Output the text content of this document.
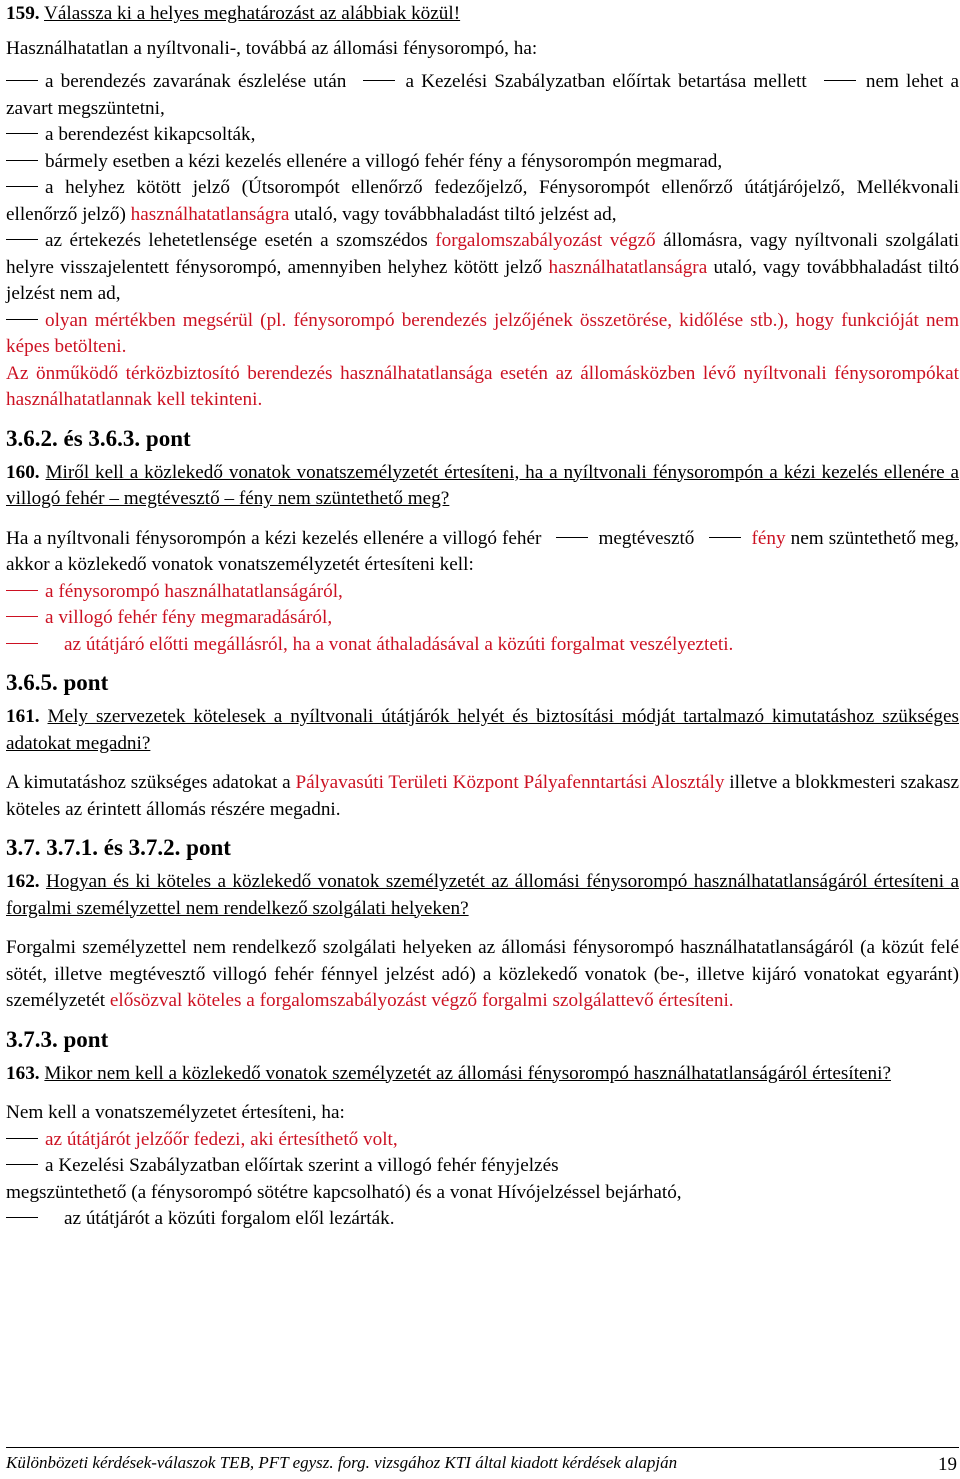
159. Válassza ki a helyes meghatározást az alábbiak közül!

Használhatatlan a nyíltvonali-, továbbá az állomási fénysorompó, ha:

a berendezés zavarának észlelése után	a Kezelési Szabályzatban előírtak betartása mellett	nem lehet a zavart megszüntetni,

a berendezést kikapcsolták,

bármely esetben a kézi kezelés ellenére a villogó fehér fény a fénysorompón megmarad,

a helyhez kötött jelző (Útsorompót ellenőrző fedezőjelző, Fénysorompót ellenőrző útátjárójelző, Mellékvonali ellenőrző jelző) használhatatlanságra utaló, vagy továbbhaladást tiltó jelzést ad,

az értekezés lehetetlensége esetén a szomszédos forgalomszabályozást végző állomásra, vagy nyíltvonali szolgálati helyre visszajelentett fénysorompó, amennyiben helyhez kötött jelző használhatatlanságra utaló, vagy továbbhaladást tiltó jelzést nem ad,

olyan mértékben megsérül (pl. fénysorompó berendezés jelzőjének összetörése, kidőlése stb.), hogy funkcióját nem képes betölteni.

Az önműködő térközbiztosító berendezés használhatatlansága esetén az állomásközben lévő nyíltvonali fénysorompókat használhatatlannak kell tekinteni.

3.6.2. és 3.6.3. pont

160. Miről kell a közlekedő vonatok vonatszemélyzetét értesíteni, ha a nyíltvonali fénysorompón a kézi kezelés ellenére a villogó fehér – megtévesztő – fény nem szüntethető meg?

Ha a nyíltvonali fénysorompón a kézi kezelés ellenére a villogó fehér	megtévesztő	fény nem szüntethető meg, akkor a közlekedő vonatok vonatszemélyzetét értesíteni kell:

a fénysorompó használhatatlanságáról,

a villogó fehér fény megmaradásáról,

az útátjáró előtti megállásról, ha a vonat áthaladásával a közúti forgalmat veszélyezteti.

3.6.5. pont

161. Mely szervezetek kötelesek a nyíltvonali útátjárók helyét és biztosítási módját tartalmazó kimutatáshoz szükséges adatokat megadni?

A kimutatáshoz szükséges adatokat a Pályavasúti Területi Központ Pályafenntartási Alosztály illetve a blokkmesteri szakasz köteles az érintett állomás részére megadni.

3.7. 3.7.1. és 3.7.2. pont

162. Hogyan és ki köteles a közlekedő vonatok személyzetét az állomási fénysorompó használhatatlanságáról értesíteni a forgalmi személyzettel nem rendelkező szolgálati helyeken?

Forgalmi személyzettel nem rendelkező szolgálati helyeken az állomási fénysorompó használhatatlanságáról (a közút felé sötét, illetve megtévesztő villogó fehér fénnyel jelzést adó) a közlekedő vonatok (be-, illetve kijáró vonatokat egyaránt) személyzetét elősözval köteles a forgalomszabályozást végző forgalmi szolgálattevő értesíteni.

3.7.3. pont

163. Mikor nem kell a közlekedő vonatok személyzetét az állomási fénysorompó használhatatlanságáról értesíteni?

Nem kell a vonatszemélyzetet értesíteni, ha:

az útátjárót jelzőőr fedezi, aki értesíthető volt,

a Kezelési Szabályzatban előírtak szerint a villogó fehér fényjelzés

megszüntethető (a fénysorompó sötétre kapcsolható) és a vonat Hívójelzéssel bejárható,

az útátjárót a közúti forgalom elől lezárták.

Különbözeti kérdések-válaszok TEB, PFT egysz. forg. vizsgához KTI által kiadott kérdések alapján	19
